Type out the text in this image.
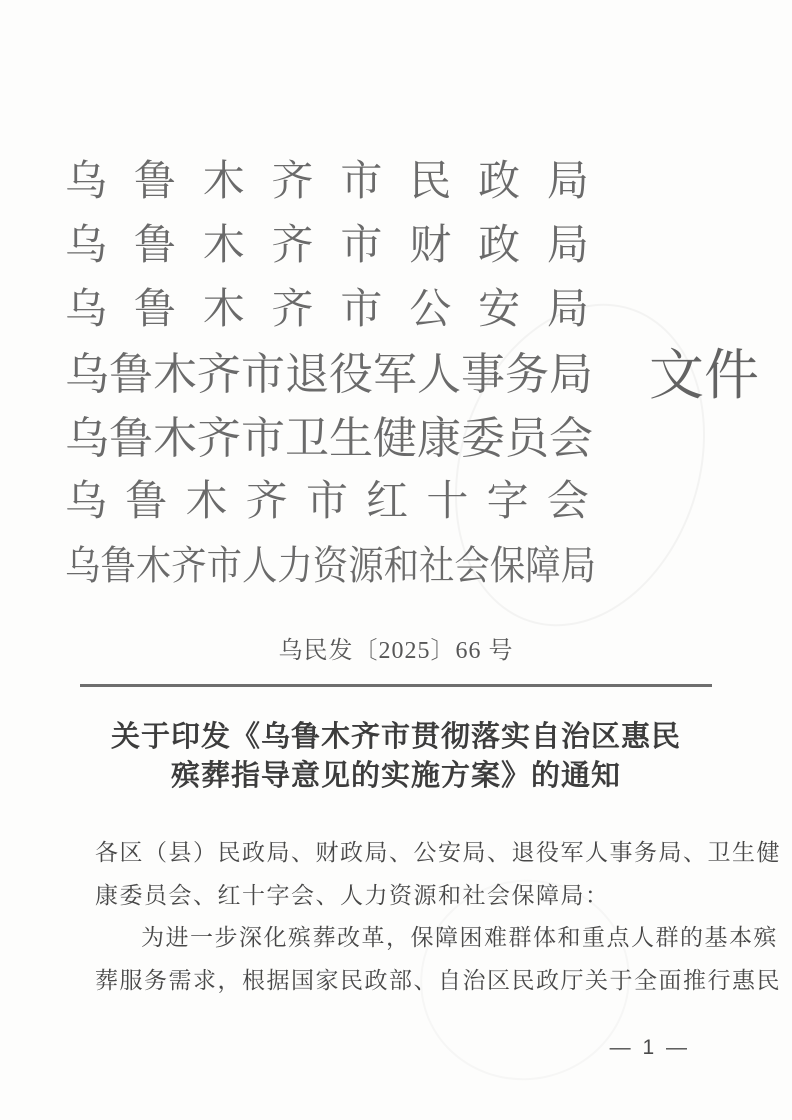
乌 鲁 木 齐 市 民 政 局
乌 鲁 木 齐 市 财 政 局
乌 鲁 木 齐 市 公 安 局
乌鲁木齐市退役军人事务局 文 件
乌鲁木齐市卫生健康委员会
乌 鲁 木 齐 市 红 十 字 会
乌鲁木齐市人力资源和社会保障局
乌民发〔2025〕66 号
关于印发《乌鲁木齐市贯彻落实自治区惠民
殡葬指导意见的实施方案》的通知
各区（县）民政局、财政局、公安局、退役军人事务局、卫生健
康委员会、红十字会、人力资源和社会保障局：
为进一步深化殡葬改革，保障困难群体和重点人群的基本殡
葬服务需求，根据国家民政部、自治区民政厅关于全面推行惠民
— 1 —
